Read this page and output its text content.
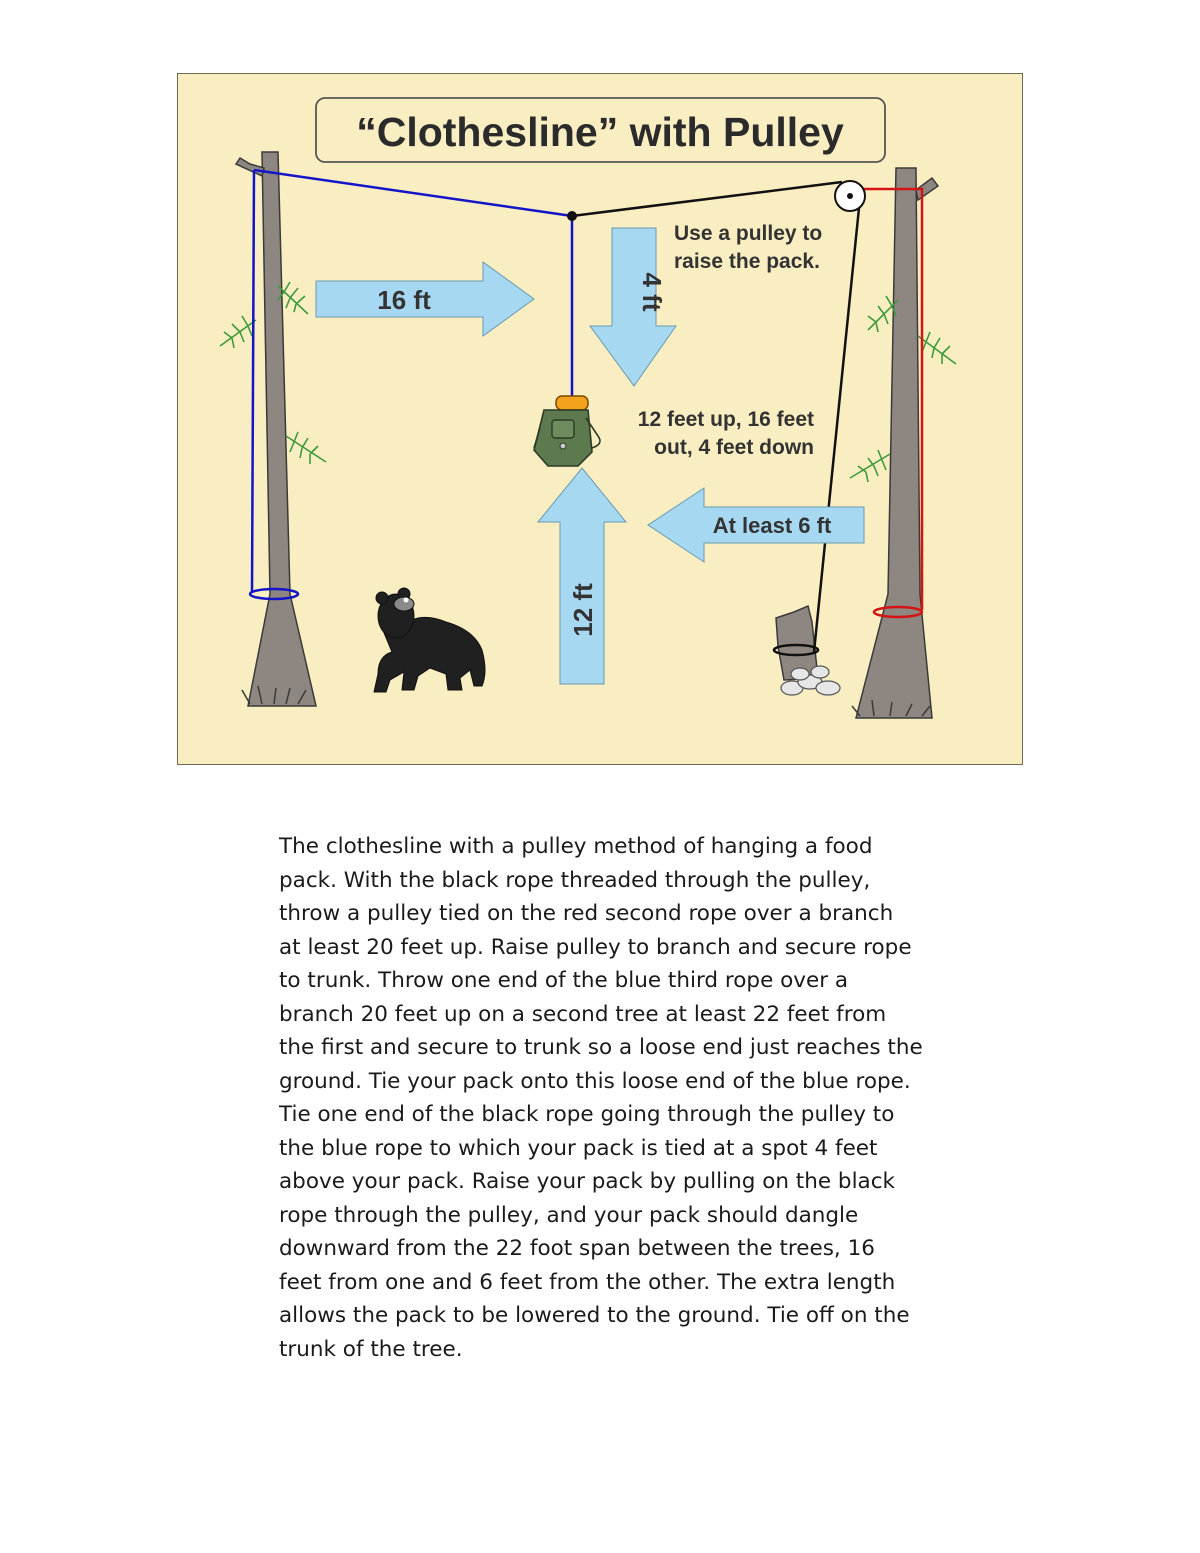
“Clothesline” with Pulley
16 ft	4 ft
12 ft
At least 6 ft
Use a pulley to
raise the pack.
12 feet up, 16 feet
out, 4 feet down

The clothesline with a pulley method of hanging a food
pack. With the black rope threaded through the pulley,
throw a pulley tied on the red second rope over a branch
at least 20 feet up. Raise pulley to branch and secure rope
to trunk. Throw one end of the blue third rope over a
branch 20 feet up on a second tree at least 22 feet from
the first and secure to trunk so a loose end just reaches the
ground. Tie your pack onto this loose end of the blue rope.
Tie one end of the black rope going through the pulley to
the blue rope to which your pack is tied at a spot 4 feet
above your pack. Raise your pack by pulling on the black
rope through the pulley, and your pack should dangle
downward from the 22 foot span between the trees, 16
feet from one and 6 feet from the other. The extra length
allows the pack to be lowered to the ground. Tie off on the
trunk of the tree.
